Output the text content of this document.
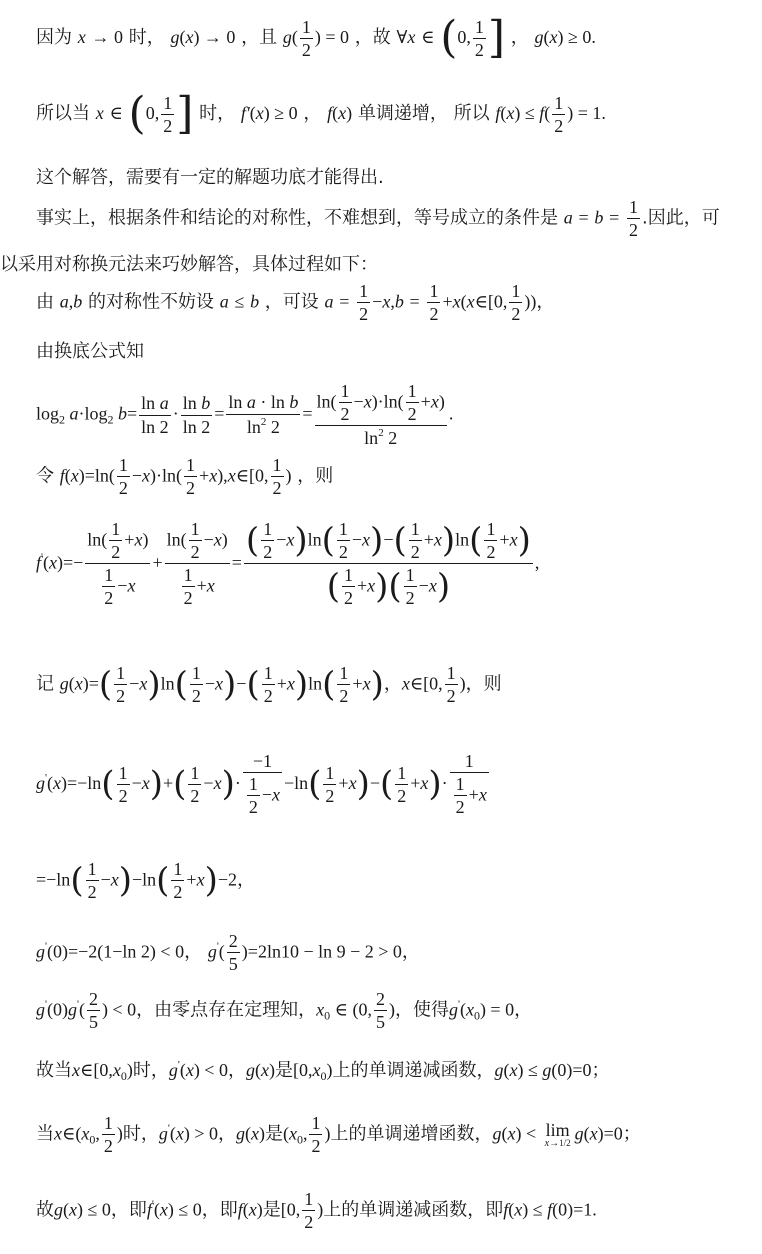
因为 x → 0 时， g(x) → 0 ，且 $g( \frac{1}{2}$ ) = 0 ，故 ∀x ∈ (0, $\frac{1}{2}$ ] ， g(x) ≥ 0.
所以当 x ∈ (0, $\frac{1}{2}$ ] 时， f′(x) ≥ 0 ， f(x) 单调递增， 所以 $f(x) \le f( \frac{1}{2}$ ) = 1.
这个解答，需要有一定的解题功底才能得出.
事实上，根据条件和结论的对称性，不难想到，等号成立的条件是 $a = b = \frac{1}{2}$ .因此，可
以采用对称换元法来巧妙解答，具体过程如下：
由 a,b 的对称性不妨设 a ≤ b ，可设 $a = \frac{1}{2} -x,b = \frac{1}{2}$ +x(x∈[0, $\frac{1}{2}$ ))，
由换底公式知
$\log_2 a\cdot\log_2$ $b= \frac{\text{ln a}}{\ln 2} \cdot \frac{\text{ln b}}{\ln 2} = \frac{\text{ln a · ln b}}{\ln^2 2} = \frac{\ln( \frac{1}{2} -x)\cdot\ln( \frac{1}{2} +x)}{\ln^2 2}$ .
令 $f(x)=\ln( \frac{1}{2} -x)\cdot\ln( \frac{1}{2}$ +x),x∈[0, $\frac{1}{2}$ ) ，则
$f'(x)=- \frac{\ln( \frac{1}{2} +x)}{\frac{1}{2} -x} + \frac{\ln( \frac{1}{2} -x)}{\frac{1}{2} +x} = \frac{( \frac{1}{2} -x)\ln( \frac{1}{2} -x)-( \frac{1}{2} +x)\ln( \frac{1}{2} +x)}{( \frac{1}{2} +x)( \frac{1}{2} -x)}$ ,
记 $g(x)=( \frac{1}{2} -x)\ln( \frac{1}{2} -x)-( \frac{1}{2} +x)\ln( \frac{1}{2} +x)$，x∈[0, $\frac{1}{2}$ )，则
$g'(x)=-\ln( \frac{1}{2} -x)+( \frac{1}{2} -x)\cdot \frac{-1}{\frac{1}{2} -x} -\ln( \frac{1}{2} +x)-( \frac{1}{2} +x)\cdot \frac{1}{\frac{1}{2} +x}$
$=-\ln( \frac{1}{2} -x)-\ln( \frac{1}{2} +x)-2$，
g'(0)=−2(1−ln 2) < 0， $g'( \frac{2}{5} )=2\ln 10 - \ln 9 - 2 > 0$，
$g'(0)g'( \frac{2}{5}$ ) < 0，由零点存在定理知，$x_0$ ∈ (0, $\frac{2}{5}$ )，使得$g'(x_0) = 0$，
故当$x\in[0,x_0)$时，g'(x) < 0，g(x)是$[0,x_0)$上的单调递减函数，g(x) ≤ g(0)=0；
当$x\in(x_0$, $\frac{1}{2}$ )时，g'(x) > 0，g(x)是($x_0$, $\frac{1}{2}$ )上的单调递增函数，g(x) < lim
x→1/2 g(x)=0；
故g(x) ≤ 0，即f'(x) ≤ 0，即f(x)是[0, $\frac{1}{2}$ )上的单调递减函数，即f(x) ≤ f(0)=1.
